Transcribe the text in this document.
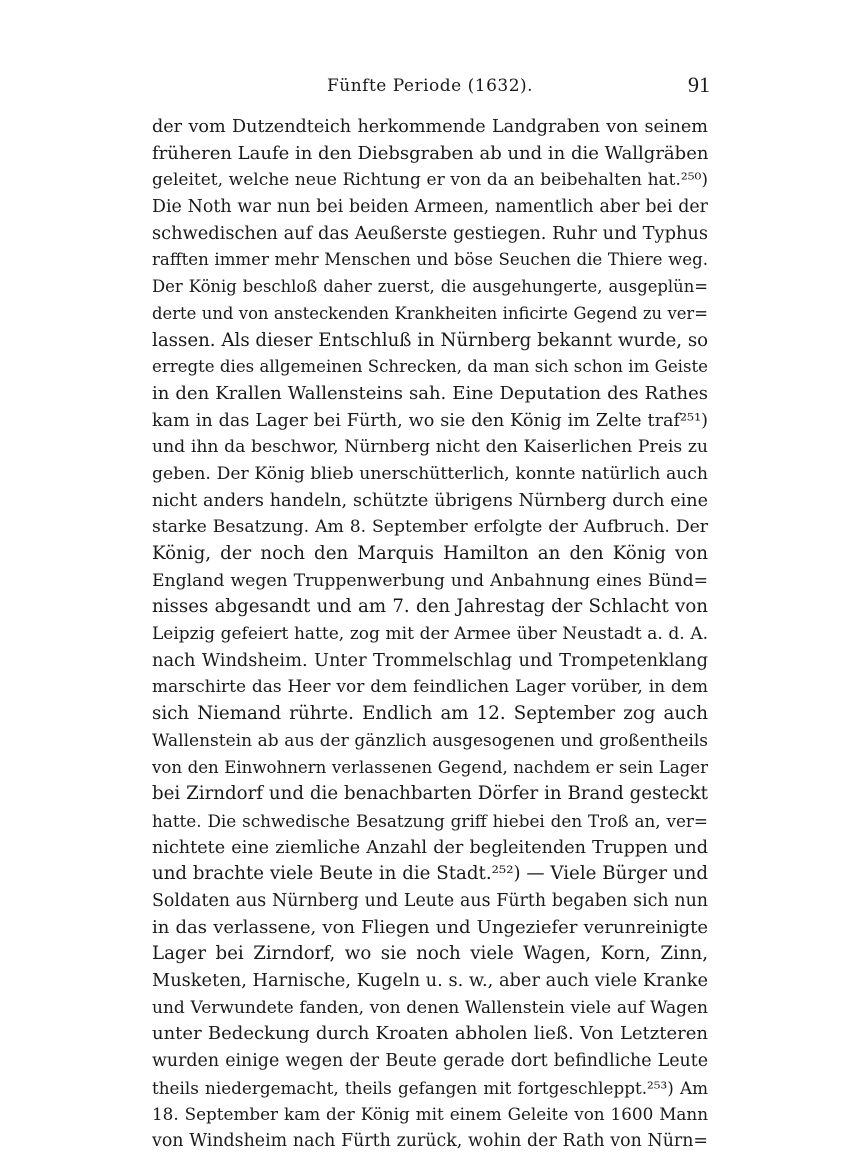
Fünfte Periode (1632).	91
der vom Dutzendteich herkommende Landgraben von seinem
früheren Laufe in den Diebsgraben ab und in die Wallgräben
geleitet, welche neue Richtung er von da an beibehalten hat.²⁵⁰)
Die Noth war nun bei beiden Armeen, namentlich aber bei der
schwedischen auf das Aeußerste gestiegen. Ruhr und Typhus
rafften immer mehr Menschen und böse Seuchen die Thiere weg.
Der König beschloß daher zuerst, die ausgehungerte, ausgeplün=
derte und von ansteckenden Krankheiten inficirte Gegend zu ver=
lassen. Als dieser Entschluß in Nürnberg bekannt wurde, so
erregte dies allgemeinen Schrecken, da man sich schon im Geiste
in den Krallen Wallensteins sah. Eine Deputation des Rathes
kam in das Lager bei Fürth, wo sie den König im Zelte traf²⁵¹)
und ihn da beschwor, Nürnberg nicht den Kaiserlichen Preis zu
geben. Der König blieb unerschütterlich, konnte natürlich auch
nicht anders handeln, schützte übrigens Nürnberg durch eine
starke Besatzung. Am 8. September erfolgte der Aufbruch. Der
König, der noch den Marquis Hamilton an den König von
England wegen Truppenwerbung und Anbahnung eines Bünd=
nisses abgesandt und am 7. den Jahrestag der Schlacht von
Leipzig gefeiert hatte, zog mit der Armee über Neustadt a. d. A.
nach Windsheim. Unter Trommelschlag und Trompetenklang
marschirte das Heer vor dem feindlichen Lager vorüber, in dem
sich Niemand rührte. Endlich am 12. September zog auch
Wallenstein ab aus der gänzlich ausgesogenen und großentheils
von den Einwohnern verlassenen Gegend, nachdem er sein Lager
bei Zirndorf und die benachbarten Dörfer in Brand gesteckt
hatte. Die schwedische Besatzung griff hiebei den Troß an, ver=
nichtete eine ziemliche Anzahl der begleitenden Truppen und
und brachte viele Beute in die Stadt.²⁵²) — Viele Bürger und
Soldaten aus Nürnberg und Leute aus Fürth begaben sich nun
in das verlassene, von Fliegen und Ungeziefer verunreinigte
Lager bei Zirndorf, wo sie noch viele Wagen, Korn, Zinn,
Musketen, Harnische, Kugeln u. s. w., aber auch viele Kranke
und Verwundete fanden, von denen Wallenstein viele auf Wagen
unter Bedeckung durch Kroaten abholen ließ. Von Letzteren
wurden einige wegen der Beute gerade dort befindliche Leute
theils niedergemacht, theils gefangen mit fortgeschleppt.²⁵³) Am
18. September kam der König mit einem Geleite von 1600 Mann
von Windsheim nach Fürth zurück, wohin der Rath von Nürn=
